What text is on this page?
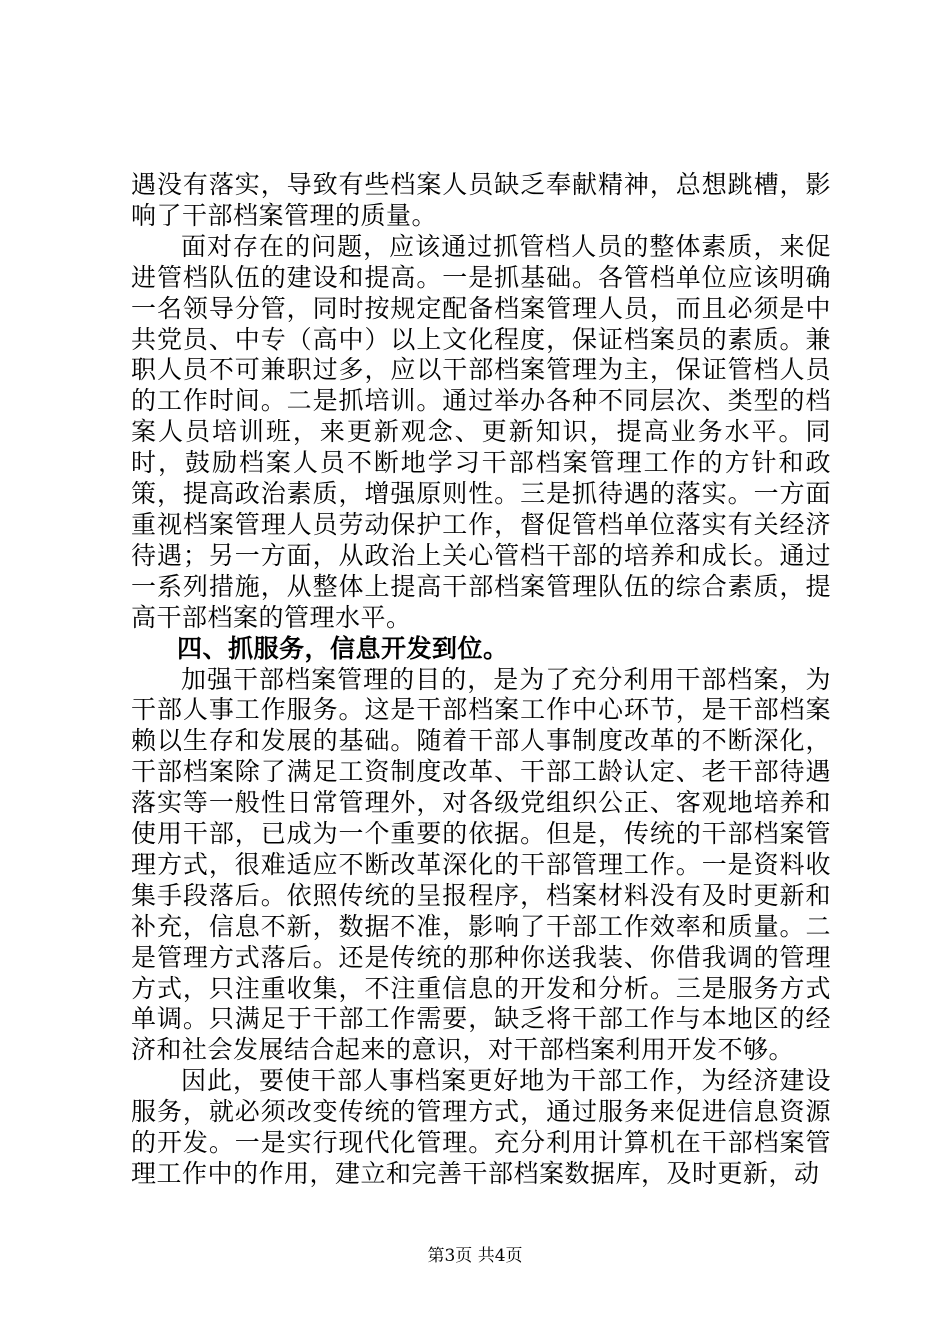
遇没有落实，导致有些档案人员缺乏奉献精神，总想跳槽，影响了干部档案管理的质量。

面对存在的问题，应该通过抓管档人员的整体素质，来促进管档队伍的建设和提高。一是抓基础。各管档单位应该明确一名领导分管，同时按规定配备档案管理人员，而且必须是中共党员、中专（高中）以上文化程度，保证档案员的素质。兼职人员不可兼职过多，应以干部档案管理为主，保证管档人员的工作时间。二是抓培训。通过举办各种不同层次、类型的档案人员培训班，来更新观念、更新知识，提高业务水平。同时，鼓励档案人员不断地学习干部档案管理工作的方针和政策，提高政治素质，增强原则性。三是抓待遇的落实。一方面重视档案管理人员劳动保护工作，督促管档单位落实有关经济待遇；另一方面，从政治上关心管档干部的培养和成长。通过一系列措施，从整体上提高干部档案管理队伍的综合素质，提高干部档案的管理水平。

四、抓服务，信息开发到位。

加强干部档案管理的目的，是为了充分利用干部档案，为干部人事工作服务。这是干部档案工作中心环节，是干部档案赖以生存和发展的基础。随着干部人事制度改革的不断深化，干部档案除了满足工资制度改革、干部工龄认定、老干部待遇落实等一般性日常管理外，对各级党组织公正、客观地培养和使用干部，已成为一个重要的依据。但是，传统的干部档案管理方式，很难适应不断改革深化的干部管理工作。一是资料收集手段落后。依照传统的呈报程序，档案材料没有及时更新和补充，信息不新，数据不准，影响了干部工作效率和质量。二是管理方式落后。还是传统的那种你送我装、你借我调的管理方式，只注重收集，不注重信息的开发和分析。三是服务方式单调。只满足于干部工作需要，缺乏将干部工作与本地区的经济和社会发展结合起来的意识，对干部档案利用开发不够。

因此，要使干部人事档案更好地为干部工作，为经济建设服务，就必须改变传统的管理方式，通过服务来促进信息资源的开发。一是实行现代化管理。充分利用计算机在干部档案管理工作中的作用，建立和完善干部档案数据库，及时更新，动

第3页 共4页
